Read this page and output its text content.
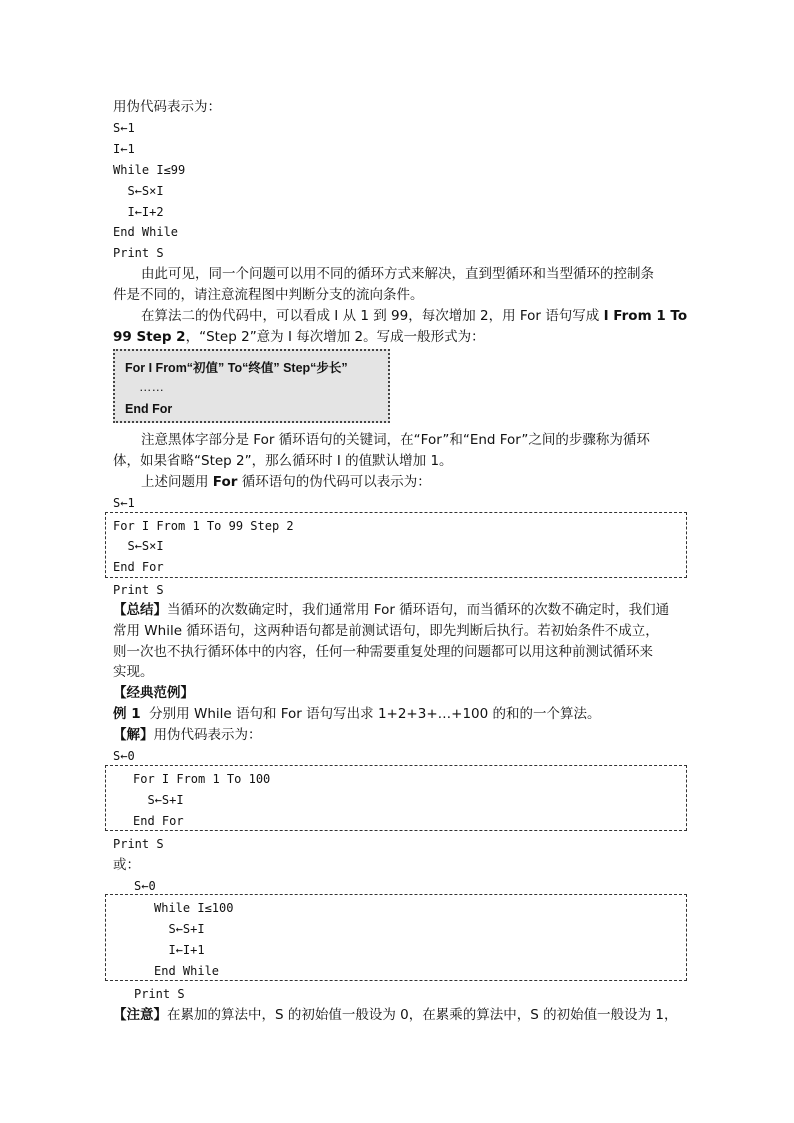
用伪代码表示为：
S←1
I←1
While I≤99
S←S×I
I←I+2
End While
Print S
由此可见，同一个问题可以用不同的循环方式来解决，直到型循环和当型循环的控制条
件是不同的，请注意流程图中判断分支的流向条件。
在算法二的伪代码中，可以看成 I 从 1 到 99，每次增加 2，用 For 语句写成 I From 1 To
99 Step 2，“Step 2”意为 I 每次增加 2。写成一般形式为：
For I From“初值” To“终值” Step“步长”
……
End For
注意黑体字部分是 For 循环语句的关键词，在“For”和“End For”之间的步骤称为循环
体，如果省略“Step 2”，那么循环时 I 的值默认增加 1。
上述问题用 For 循环语句的伪代码可以表示为：
S←1
For I From 1 To 99 Step 2
S←S×I
End For
Print S
【总结】当循环的次数确定时，我们通常用 For 循环语句，而当循环的次数不确定时，我们通
常用 While 循环语句，这两种语句都是前测试语句，即先判断后执行。若初始条件不成立，
则一次也不执行循环体中的内容，任何一种需要重复处理的问题都可以用这种前测试循环来
实现。
【经典范例】
例 1  分别用 While 语句和 For 语句写出求 1+2+3+…+100 的和的一个算法。
【解】用伪代码表示为：
S←0
For I From 1 To 100
S←S+I
End For
Print S
或：
S←0
While I≤100
S←S+I
I←I+1
End While
Print S
【注意】在累加的算法中，S 的初始值一般设为 0，在累乘的算法中，S 的初始值一般设为 1，
